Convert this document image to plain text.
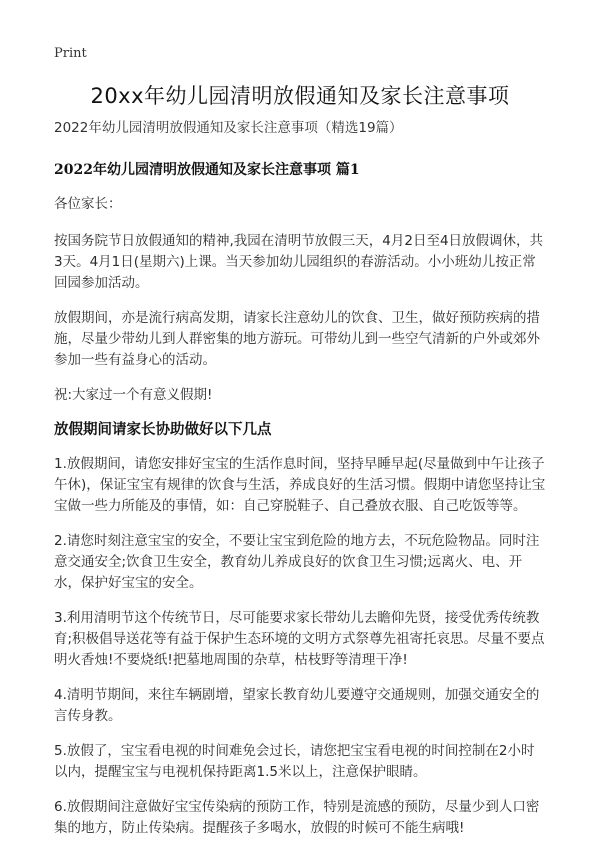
Print
20xx年幼儿园清明放假通知及家长注意事项

2022年幼儿园清明放假通知及家长注意事项（精选19篇）

2022年幼儿园清明放假通知及家长注意事项 篇1

各位家长：

按国务院节日放假通知的精神,我园在清明节放假三天，4月2日至4日放假调休，共3天。4月1日(星期六)上课。当天参加幼儿园组织的春游活动。小小班幼儿按正常回园参加活动。

放假期间，亦是流行病高发期，请家长注意幼儿的饮食、卫生，做好预防疾病的措施，尽量少带幼儿到人群密集的地方游玩。可带幼儿到一些空气清新的户外或郊外参加一些有益身心的活动。

祝:大家过一个有意义假期!

放假期间请家长协助做好以下几点

1.放假期间，请您安排好宝宝的生活作息时间，坚持早睡早起(尽量做到中午让孩子午休)，保证宝宝有规律的饮食与生活，养成良好的生活习惯。假期中请您坚持让宝宝做一些力所能及的事情，如：自己穿脱鞋子、自己叠放衣服、自己吃饭等等。

2.请您时刻注意宝宝的安全，不要让宝宝到危险的地方去，不玩危险物品。同时注意交通安全;饮食卫生安全，教育幼儿养成良好的饮食卫生习惯;远离火、电、开水，保护好宝宝的安全。

3.利用清明节这个传统节日，尽可能要求家长带幼儿去瞻仰先贤，接受优秀传统教育;积极倡导送花等有益于保护生态环境的文明方式祭尊先祖寄托哀思。尽量不要点明火香烛!不要烧纸!把墓地周围的杂草，枯枝野等清理干净!

4.清明节期间，来往车辆剧增，望家长教育幼儿要遵守交通规则，加强交通安全的言传身教。

5.放假了，宝宝看电视的时间难免会过长，请您把宝宝看电视的时间控制在2小时以内，提醒宝宝与电视机保持距离1.5米以上，注意保护眼睛。

6.放假期间注意做好宝宝传染病的预防工作，特别是流感的预防，尽量少到人口密集的地方，防止传染病。提醒孩子多喝水，放假的时候可不能生病哦!
